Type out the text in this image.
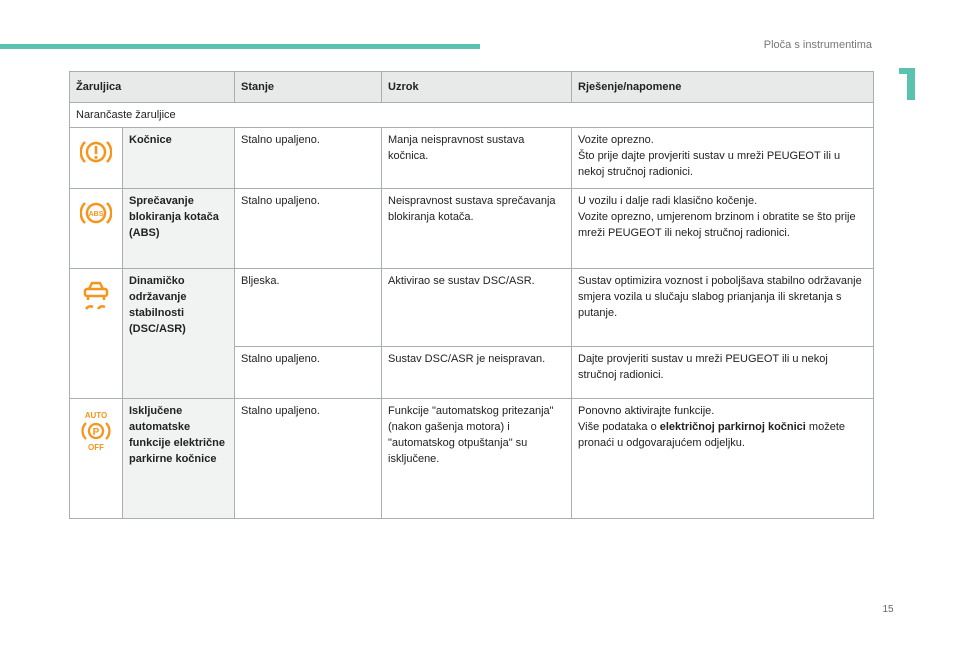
Ploča s instrumentima
15
Žaruljica		Stanje	Uzrok	Rješenje/napomene
Narančaste žaruljice				
	Kočnice	Stalno upaljeno.	Manja neispravnost sustava kočnica.	Vozite oprezno.
Što prije dajte provjeriti sustav u mreži PEUGEOT ili u nekoj stručnoj radionici.

ABS	Sprečavanje blokiranja kotača (ABS)	Stalno upaljeno.	Neispravnost sustava sprečavanja blokiranja kotača.	U vozilu i dalje radi klasično kočenje.
Vozite oprezno, umjerenom brzinom i obratite se što prije mreži PEUGEOT ili nekoj stručnoj radionici.
	Dinamičko održavanje stabilnosti (DSC/ASR)	Bljeska.	Aktivirao se sustav DSC/ASR.	Sustav optimizira voznost i poboljšava stabilno održavanje smjera vozila u slučaju slabog prianjanja ili skretanja s putanje.
		Stalno upaljeno.	Sustav DSC/ASR je neispravan.	Dajte provjeriti sustav u mreži PEUGEOT ili u nekoj stručnoj radionici.

AUTO
P
OFF	Isključene automatske funkcije električne parkirne kočnice	Stalno upaljeno.	Funkcije "automatskog pritezanja" (nakon gašenja motora) i "automatskog otpuštanja" su isključene.	Ponovno aktivirajte funkcije.
Više podataka o električnoj parkirnoj kočnici možete pronaći u odgovarajućem odjeljku.
